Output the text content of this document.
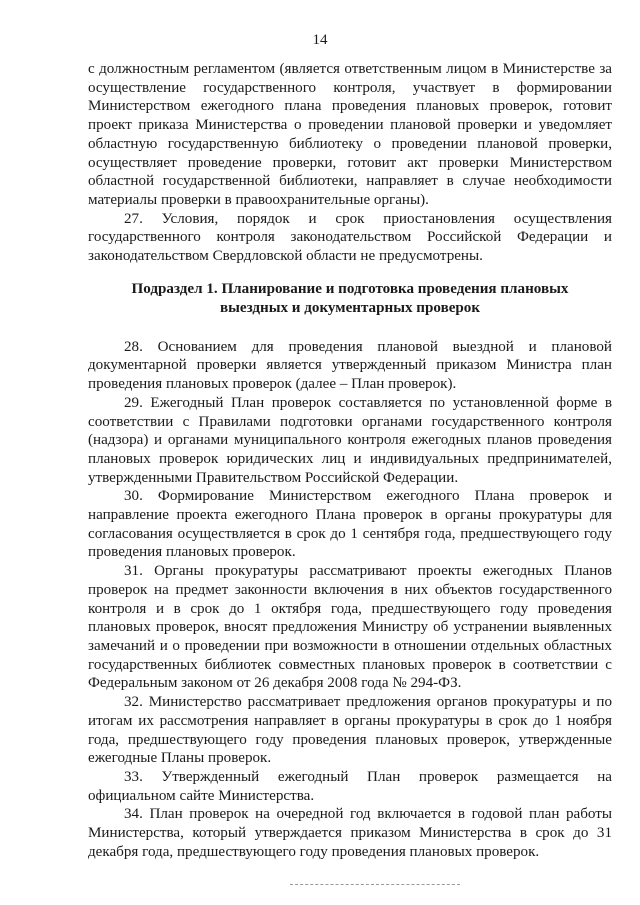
14

с должностным регламентом (является ответственным лицом в Министерстве за осуществление государственного контроля, участвует в формировании Министерством ежегодного плана проведения плановых проверок, готовит проект приказа Министерства о проведении плановой проверки и уведомляет областную государственную библиотеку о проведении плановой проверки, осуществляет проведение проверки, готовит акт проверки Министерством областной государственной библиотеки, направляет в случае необходимости материалы проверки в правоохранительные органы).

27. Условия, порядок и срок приостановления осуществления государственного контроля законодательством Российской Федерации и законодательством Свердловской области не предусмотрены.

Подраздел 1. Планирование и подготовка проведения плановых выездных и документарных проверок

28. Основанием для проведения плановой выездной и плановой документарной проверки является утвержденный приказом Министра план проведения плановых проверок (далее – План проверок).

29. Ежегодный План проверок составляется по установленной форме в соответствии с Правилами подготовки органами государственного контроля (надзора) и органами муниципального контроля ежегодных планов проведения плановых проверок юридических лиц и индивидуальных предпринимателей, утвержденными Правительством Российской Федерации.

30. Формирование Министерством ежегодного Плана проверок и направление проекта ежегодного Плана проверок в органы прокуратуры для согласования осуществляется в срок до 1 сентября года, предшествующего году проведения плановых проверок.

31. Органы прокуратуры рассматривают проекты ежегодных Планов проверок на предмет законности включения в них объектов государственного контроля и в срок до 1 октября года, предшествующего году проведения плановых проверок, вносят предложения Министру об устранении выявленных замечаний и о проведении при возможности в отношении отдельных областных государственных библиотек совместных плановых проверок в соответствии с Федеральным законом от 26 декабря 2008 года № 294-ФЗ.

32. Министерство рассматривает предложения органов прокуратуры и по итогам их рассмотрения направляет в органы прокуратуры в срок до 1 ноября года, предшествующего году проведения плановых проверок, утвержденные ежегодные Планы проверок.

33. Утвержденный ежегодный План проверок размещается на официальном сайте Министерства.

34. План проверок на очередной год включается в годовой план работы Министерства, который утверждается приказом Министерства в срок до 31 декабря года, предшествующего году проведения плановых проверок.
